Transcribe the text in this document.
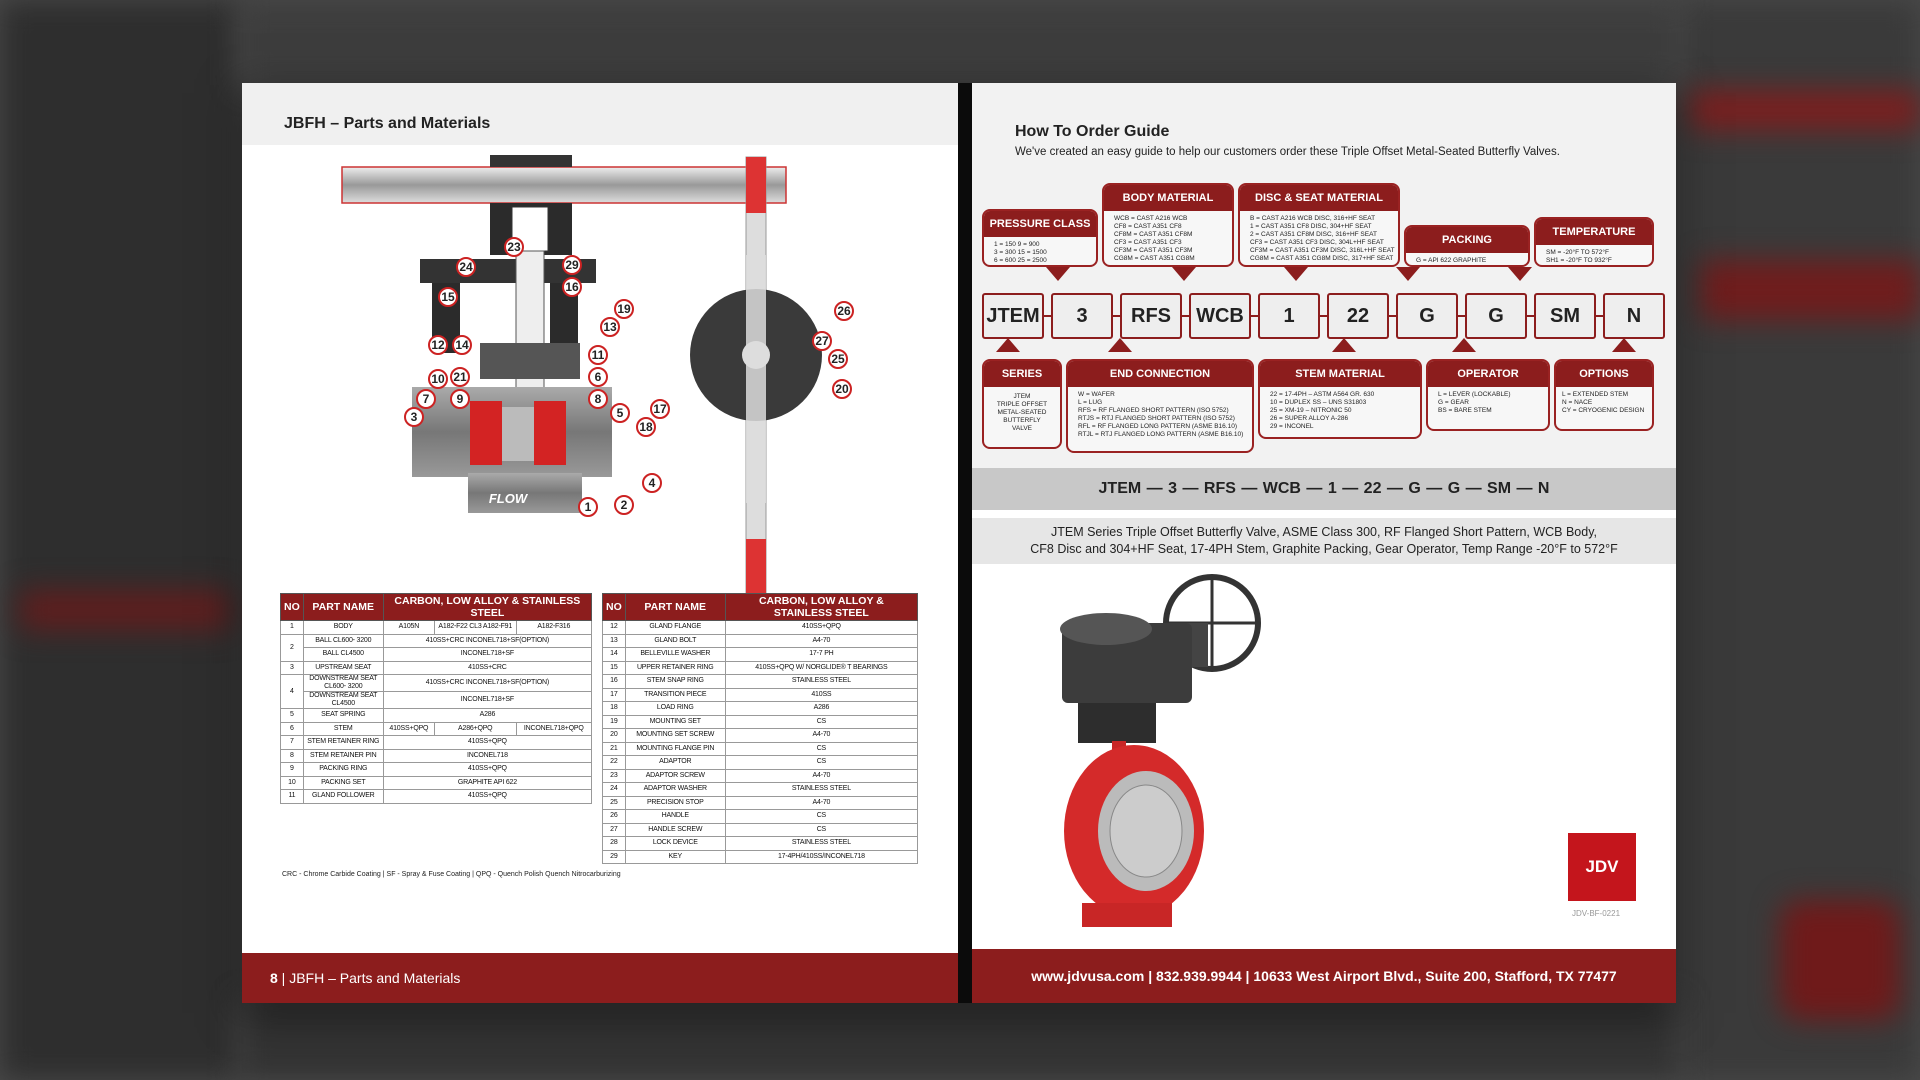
JBFH – Parts and Materials
FLOW
1 2
3
4
5
6
7	8
9
10
11
12
13
14
15
16
17
18
19
20
21
23
24
25
26
27
29
NO	PART NAME	CARBON, LOW ALLOY & STAINLESS STEEL		
1	BODY	A105N	A182-F22 CL3 A182-F91	A182-F316
2	BALL CL600- 3200	410SS+CRC INCONEL718+SF(OPTION)		
	BALL CL4500	INCONEL718+SF		
3	UPSTREAM SEAT	410SS+CRC		
4	DOWNSTREAM SEAT CL600- 3200	410SS+CRC INCONEL718+SF(OPTION)		
	DOWNSTREAM SEAT CL4500	INCONEL718+SF		
5	SEAT SPRING	A286		
6	STEM	410SS+QPQ	A286+QPQ	INCONEL718+QPQ
7	STEM RETAINER RING	410SS+QPQ		
8	STEM RETAINER PIN	INCONEL718		
9	PACKING RING	410SS+QPQ		
10	PACKING SET	GRAPHITE API 622		
11	GLAND FOLLOWER	410SS+QPQ		
NO	PART NAME	CARBON, LOW ALLOY & STAINLESS STEEL
12	GLAND FLANGE	410SS+QPQ
13	GLAND BOLT	A4-70
14	BELLEVILLE WASHER	17-7 PH
15	UPPER RETAINER RING	410SS+QPQ W/ NORGLIDE® T BEARINGS
16	STEM SNAP RING	STAINLESS STEEL
17	TRANSITION PIECE	410SS
18	LOAD RING	A286
19	MOUNTING SET	CS
20	MOUNTING SET SCREW	A4-70
21	MOUNTING FLANGE PIN	CS
22	ADAPTOR	CS
23	ADAPTOR SCREW	A4-70
24	ADAPTOR WASHER	STAINLESS STEEL
25	PRECISION STOP	A4-70
26	HANDLE	CS
27	HANDLE SCREW	CS
28	LOCK DEVICE	STAINLESS STEEL
29	KEY	17-4PH/410SS/INCONEL718
CRC - Chrome Carbide Coating | SF - Spray & Fuse Coating | QPQ - Quench Polish Quench Nitrocarburizing
8 | JBFH – Parts and Materials
How To Order Guide
We've created an easy guide to help our customers order these Triple Offset Metal-Seated Butterfly Valves.
PRESSURE CLASS

1 = 150 9 = 900

3 = 300 15 = 1500

6 = 600 25 = 2500

BODY MATERIAL

WCB = CAST A216 WCB

CF8 = CAST A351 CF8

CF8M = CAST A351 CF8M

CF3 = CAST A351 CF3

CF3M = CAST A351 CF3M

CG8M = CAST A351 CG8M

DISC & SEAT MATERIAL

B = CAST A216 WCB DISC, 316+HF SEAT

1 = CAST A351 CF8 DISC, 304+HF SEAT

2 = CAST A351 CF8M DISC, 316+HF SEAT

CF3 = CAST A351 CF3 DISC, 304L+HF SEAT

CF3M = CAST A351 CF3M DISC, 316L+HF SEAT

CG8M = CAST A351 CG8M DISC, 317+HF SEAT

PACKING

G = API 622 GRAPHITE

TEMPERATURE

SM = -20°F TO 572°F

SH1 = -20°F TO 932°F

JTEM	3	RFS	WCB	1	22	G	G	SM	N
SERIES

JTEM

TRIPLE OFFSET

METAL-SEATED

BUTTERFLY

VALVE

END CONNECTION

W = WAFER

L = LUG

RFS = RF FLANGED SHORT PATTERN (ISO 5752)

RTJS = RTJ FLANGED SHORT PATTERN (ISO 5752)

RFL = RF FLANGED LONG PATTERN (ASME B16.10)

RTJL = RTJ FLANGED LONG PATTERN (ASME B16.10)

STEM MATERIAL

22 = 17-4PH – ASTM A564 GR. 630

10 = DUPLEX SS – UNS S31803

25 = XM-19 – NITRONIC 50

26 = SUPER ALLOY A-286

29 = INCONEL

OPERATOR

L = LEVER (LOCKABLE)

G = GEAR

BS = BARE STEM

OPTIONS

L = EXTENDED STEM

N = NACE

CY = CRYOGENIC DESIGN

JTEM — 3 — RFS — WCB — 1 — 22 — G — G — SM — N
JTEM Series Triple Offset Butterfly Valve, ASME Class 300, RF Flanged Short Pattern, WCB Body,
CF8 Disc and 304+HF Seat, 17-4PH Stem, Graphite Packing, Gear Operator, Temp Range -20°F to 572°F
JDV
JDV-BF-0221
www.jdvusa.com | 832.939.9944 | 10633 West Airport Blvd., Suite 200, Stafford, TX 77477
